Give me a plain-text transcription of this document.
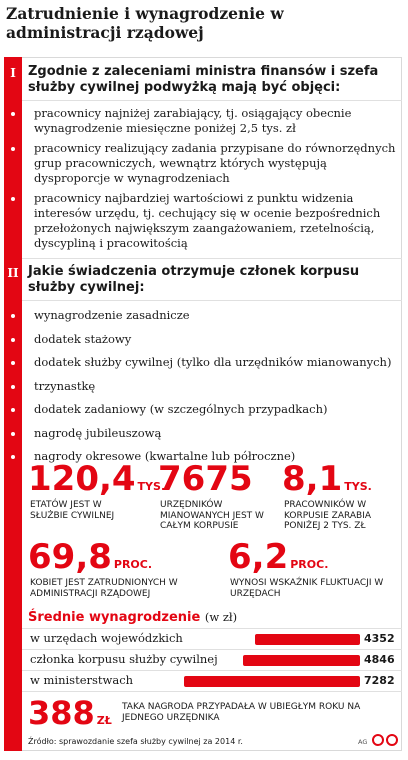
Zatrudnienie i wynagrodzenie w administracji rządowej
I Zgodnie z zaleceniami ministra finansów i szefa służby cywilnej podwyżką mają być objęci:
pracownicy najniżej zarabiający, tj. osiągający obecnie wynagrodzenie miesięczne poniżej 2,5 tys. zł
pracownicy realizujący zadania przypisane do równorzędnych grup pracowniczych, wewnątrz których występują dysproporcje w wynagrodzeniach
pracownicy najbardziej wartościowi z punktu widzenia interesów urzędu, tj. cechujący się w ocenie bezpośrednich przełożonych największym zaangażowaniem, rzetelnością, dyscypliną i pracowitością
II Jakie świadczenia otrzymuje członek korpusu służby cywilnej:
wynagrodzenie zasadnicze
dodatek stażowy
dodatek służby cywilnej (tylko dla urzędników mianowanych)
trzynastkę
dodatek zadaniowy (w szczególnych przypadkach)
nagrodę jubileuszową
nagrody okresowe (kwartalne lub półroczne)
120,4 TYS.
ETATÓW JEST W SŁUŻBIE CYWILNEJ
7675
URZĘDNIKÓW MIANOWANYCH JEST W CAŁYM KORPUSIE
8,1 TYS.
PRACOWNIKÓW W KORPUSIE ZARABIA PONIŻEJ 2 TYS. ZŁ
69,8 PROC.
KOBIET JEST ZATRUDNIONYCH W ADMINISTRACJI RZĄDOWEJ
6,2 PROC.
WYNOSI WSKAŹNIK FLUKTUACJI W URZĘDACH
Średnie wynagrodzenie (w zł)
w urzędach wojewódzkich	4352
członka korpusu służby cywilnej	4846
w ministerstwach	7282
388 ZŁ
TAKA NAGRODA PRZYPADAŁA W UBIEGŁYM ROKU NA JEDNEGO URZĘDNIKA
Źródło: sprawozdanie szefa służby cywilnej za 2014 r.	AG
